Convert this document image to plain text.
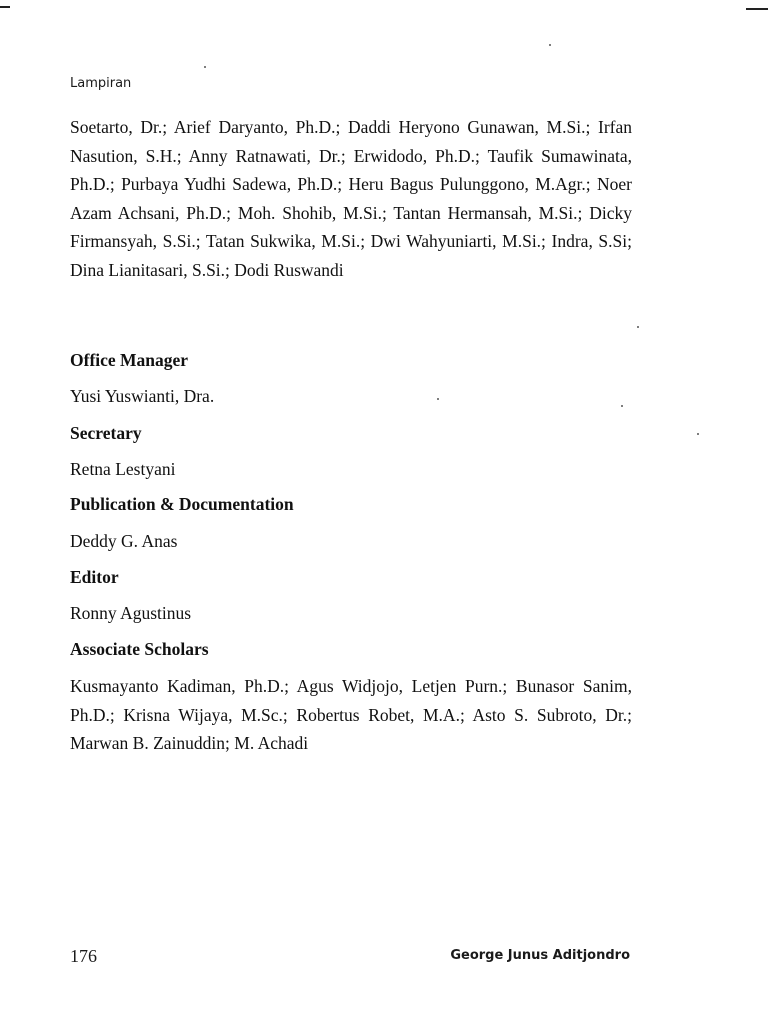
Lampiran
Soetarto, Dr.; Arief Daryanto, Ph.D.; Daddi Heryono Gunawan, M.Si.; Irfan Nasution, S.H.; Anny Ratnawati, Dr.; Erwidodo, Ph.D.; Taufik Sumawinata, Ph.D.; Purbaya Yudhi Sadewa, Ph.D.; Heru Bagus Pulunggono, M.Agr.; Noer Azam Achsani, Ph.D.; Moh. Shohib, M.Si.; Tantan Hermansah, M.Si.; Dicky Firmansyah, S.Si.; Tatan Sukwika, M.Si.; Dwi Wahyuniarti, M.Si.; Indra, S.Si; Dina Lianitasari, S.Si.; Dodi Ruswandi
Office Manager
Yusi Yuswianti, Dra.
Secretary
Retna Lestyani
Publication & Documentation
Deddy G. Anas
Editor
Ronny Agustinus
Associate Scholars
Kusmayanto Kadiman, Ph.D.; Agus Widjojo, Letjen Purn.; Bunasor Sanim, Ph.D.; Krisna Wijaya, M.Sc.; Robertus Robet, M.A.; Asto S. Subroto, Dr.; Marwan B. Zainuddin; M. Achadi
176	George Junus Aditjondro
